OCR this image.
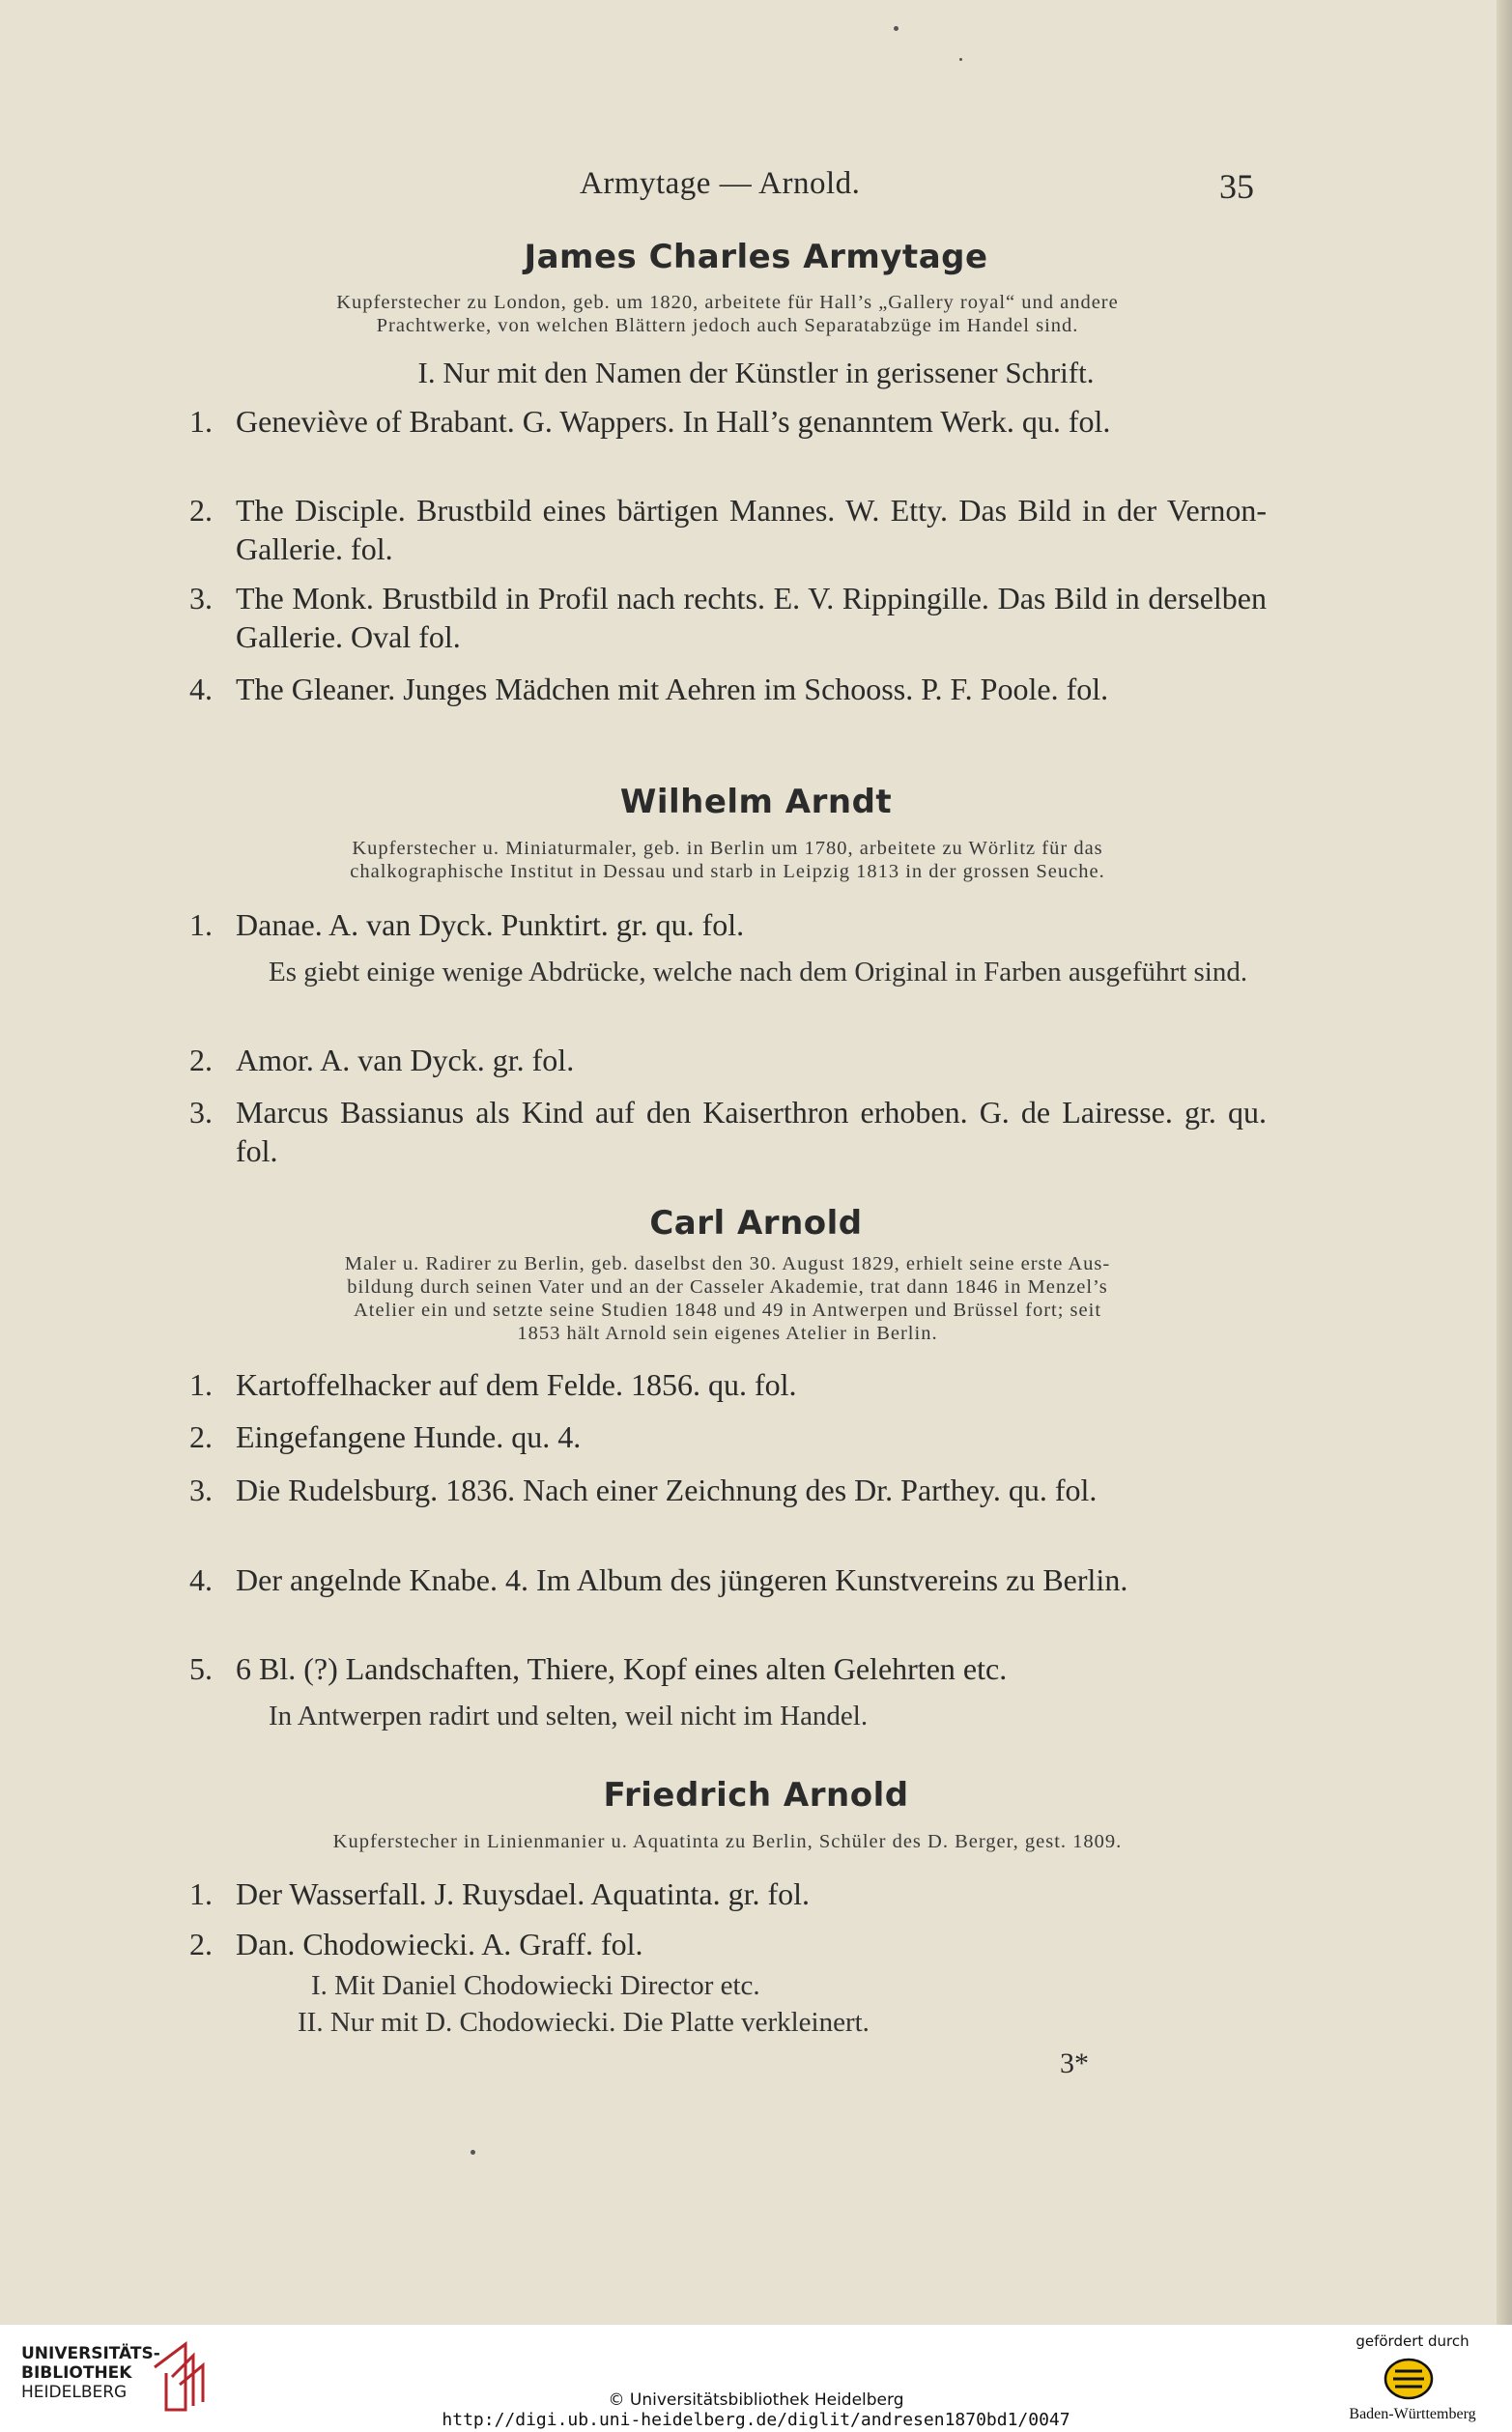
Armytage — Arnold.	35
James Charles Armytage
Kupferstecher zu London, geb. um 1820, arbeitete für Hall’s „Gallery royal“ und andere
Prachtwerke, von welchen Blättern jedoch auch Separatabzüge im Handel sind.
I. Nur mit den Namen der Künstler in gerissener Schrift.
1. Geneviève of Brabant. G. Wappers. In Hall’s genanntem Werk. qu. fol.
2. The Disciple. Brustbild eines bärtigen Mannes. W. Etty. Das Bild in der Vernon-Gallerie. fol.
3. The Monk. Brustbild in Profil nach rechts. E. V. Rippingille. Das Bild in derselben Gallerie. Oval fol.
4. The Gleaner. Junges Mädchen mit Aehren im Schooss. P. F. Poole. fol.
Wilhelm Arndt
Kupferstecher u. Miniaturmaler, geb. in Berlin um 1780, arbeitete zu Wörlitz für das
chalkographische Institut in Dessau und starb in Leipzig 1813 in der grossen Seuche.
1. Danae. A. van Dyck. Punktirt. gr. qu. fol.
Es giebt einige wenige Abdrücke, welche nach dem Original in Farben ausgeführt sind.
2. Amor. A. van Dyck. gr. fol.
3. Marcus Bassianus als Kind auf den Kaiserthron erhoben. G. de Lairesse. gr. qu. fol.
Carl Arnold
Maler u. Radirer zu Berlin, geb. daselbst den 30. August 1829, erhielt seine erste Aus-
bildung durch seinen Vater und an der Casseler Akademie, trat dann 1846 in Menzel’s
Atelier ein und setzte seine Studien 1848 und 49 in Antwerpen und Brüssel fort; seit
1853 hält Arnold sein eigenes Atelier in Berlin.
1. Kartoffelhacker auf dem Felde. 1856. qu. fol.
2. Eingefangene Hunde. qu. 4.
3. Die Rudelsburg. 1836. Nach einer Zeichnung des Dr. Parthey. qu. fol.
4. Der angelnde Knabe. 4. Im Album des jüngeren Kunstvereins zu Berlin.
5. 6 Bl. (?) Landschaften, Thiere, Kopf eines alten Gelehrten etc.
In Antwerpen radirt und selten, weil nicht im Handel.
Friedrich Arnold
Kupferstecher in Linienmanier u. Aquatinta zu Berlin, Schüler des D. Berger, gest. 1809.
1. Der Wasserfall. J. Ruysdael. Aquatinta. gr. fol.
2. Dan. Chodowiecki. A. Graff. fol.
I. Mit Daniel Chodowiecki Director etc.
II. Nur mit D. Chodowiecki. Die Platte verkleinert.
3*
UNIVERSITÄTS-
BIBLIOTHEK
HEIDELBERG	© Universitätsbibliothek Heidelberg
http://digi.ub.uni-heidelberg.de/diglit/andresen1870bd1/0047
gefördert durch
Baden-Württemberg
